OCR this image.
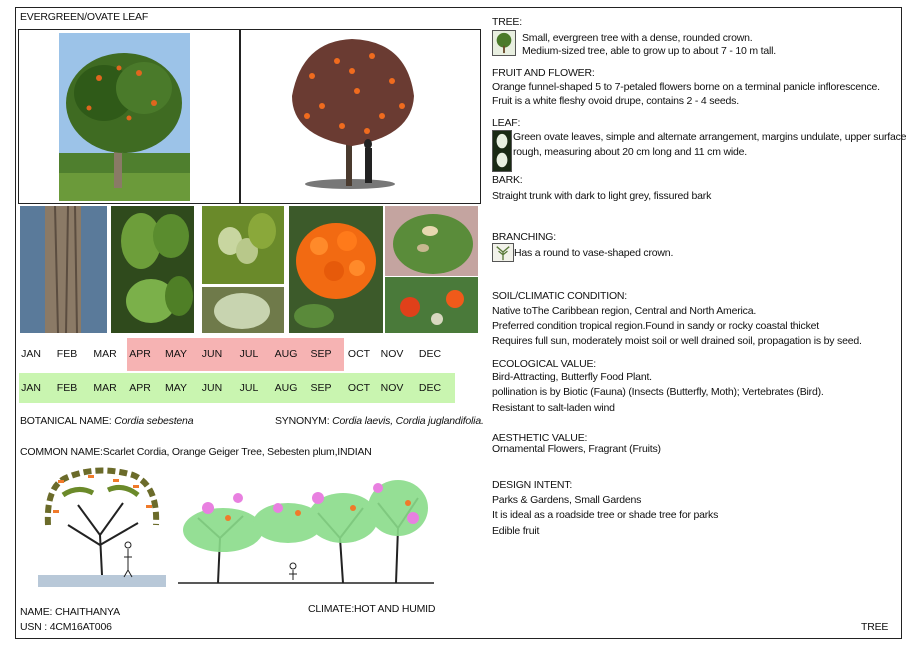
EVERGREEN/OVATE LEAF
JAN	FEB	MAR	APR	MAY	JUN	JUL	AUG	SEP	OCT	NOV	DEC
JAN	FEB	MAR	APR	MAY	JUN	JUL	AUG	SEP	OCT	NOV	DEC
BOTANICAL NAME: Cordia sebestena	SYNONYM: Cordia laevis, Cordia juglandifolia.
COMMON NAME:Scarlet Cordia, Orange Geiger Tree, Sebesten plum,INDIAN
NAME: CHAITHANYA
USN : 4CM16AT006
CLIMATE:HOT AND HUMID
TREE
TREE:
Small, evergreen tree with a dense, rounded crown.
Medium-sized tree, able to grow up to about 7 - 10 m tall.
FRUIT AND FLOWER:
Orange funnel-shaped 5 to 7-petaled flowers borne on a terminal panicle inflorescence.
Fruit is a white fleshy ovoid drupe, contains 2 - 4 seeds.
LEAF:
Green ovate leaves, simple and alternate arrangement, margins undulate, upper surface
rough, measuring about 20 cm long and 11 cm wide.
BARK:
Straight trunk with dark to light grey, fissured bark
BRANCHING:
Has a round to vase-shaped crown.
SOIL/CLIMATIC CONDITION:
Native toThe Caribbean region, Central and North America.
Preferred condition tropical region.Found in sandy or rocky coastal thicket
Requires full sun, moderately moist soil or well drained soil, propagation is by seed.
ECOLOGICAL VALUE:
Bird-Attracting, Butterfly Food Plant.
pollination is by Biotic (Fauna) (Insects (Butterfly, Moth); Vertebrates (Bird).
Resistant to salt-laden wind
AESTHETIC VALUE:
Ornamental Flowers, Fragrant (Fruits)
DESIGN INTENT:
Parks & Gardens, Small Gardens
It is ideal as a roadside tree or shade tree for parks
Edible fruit
